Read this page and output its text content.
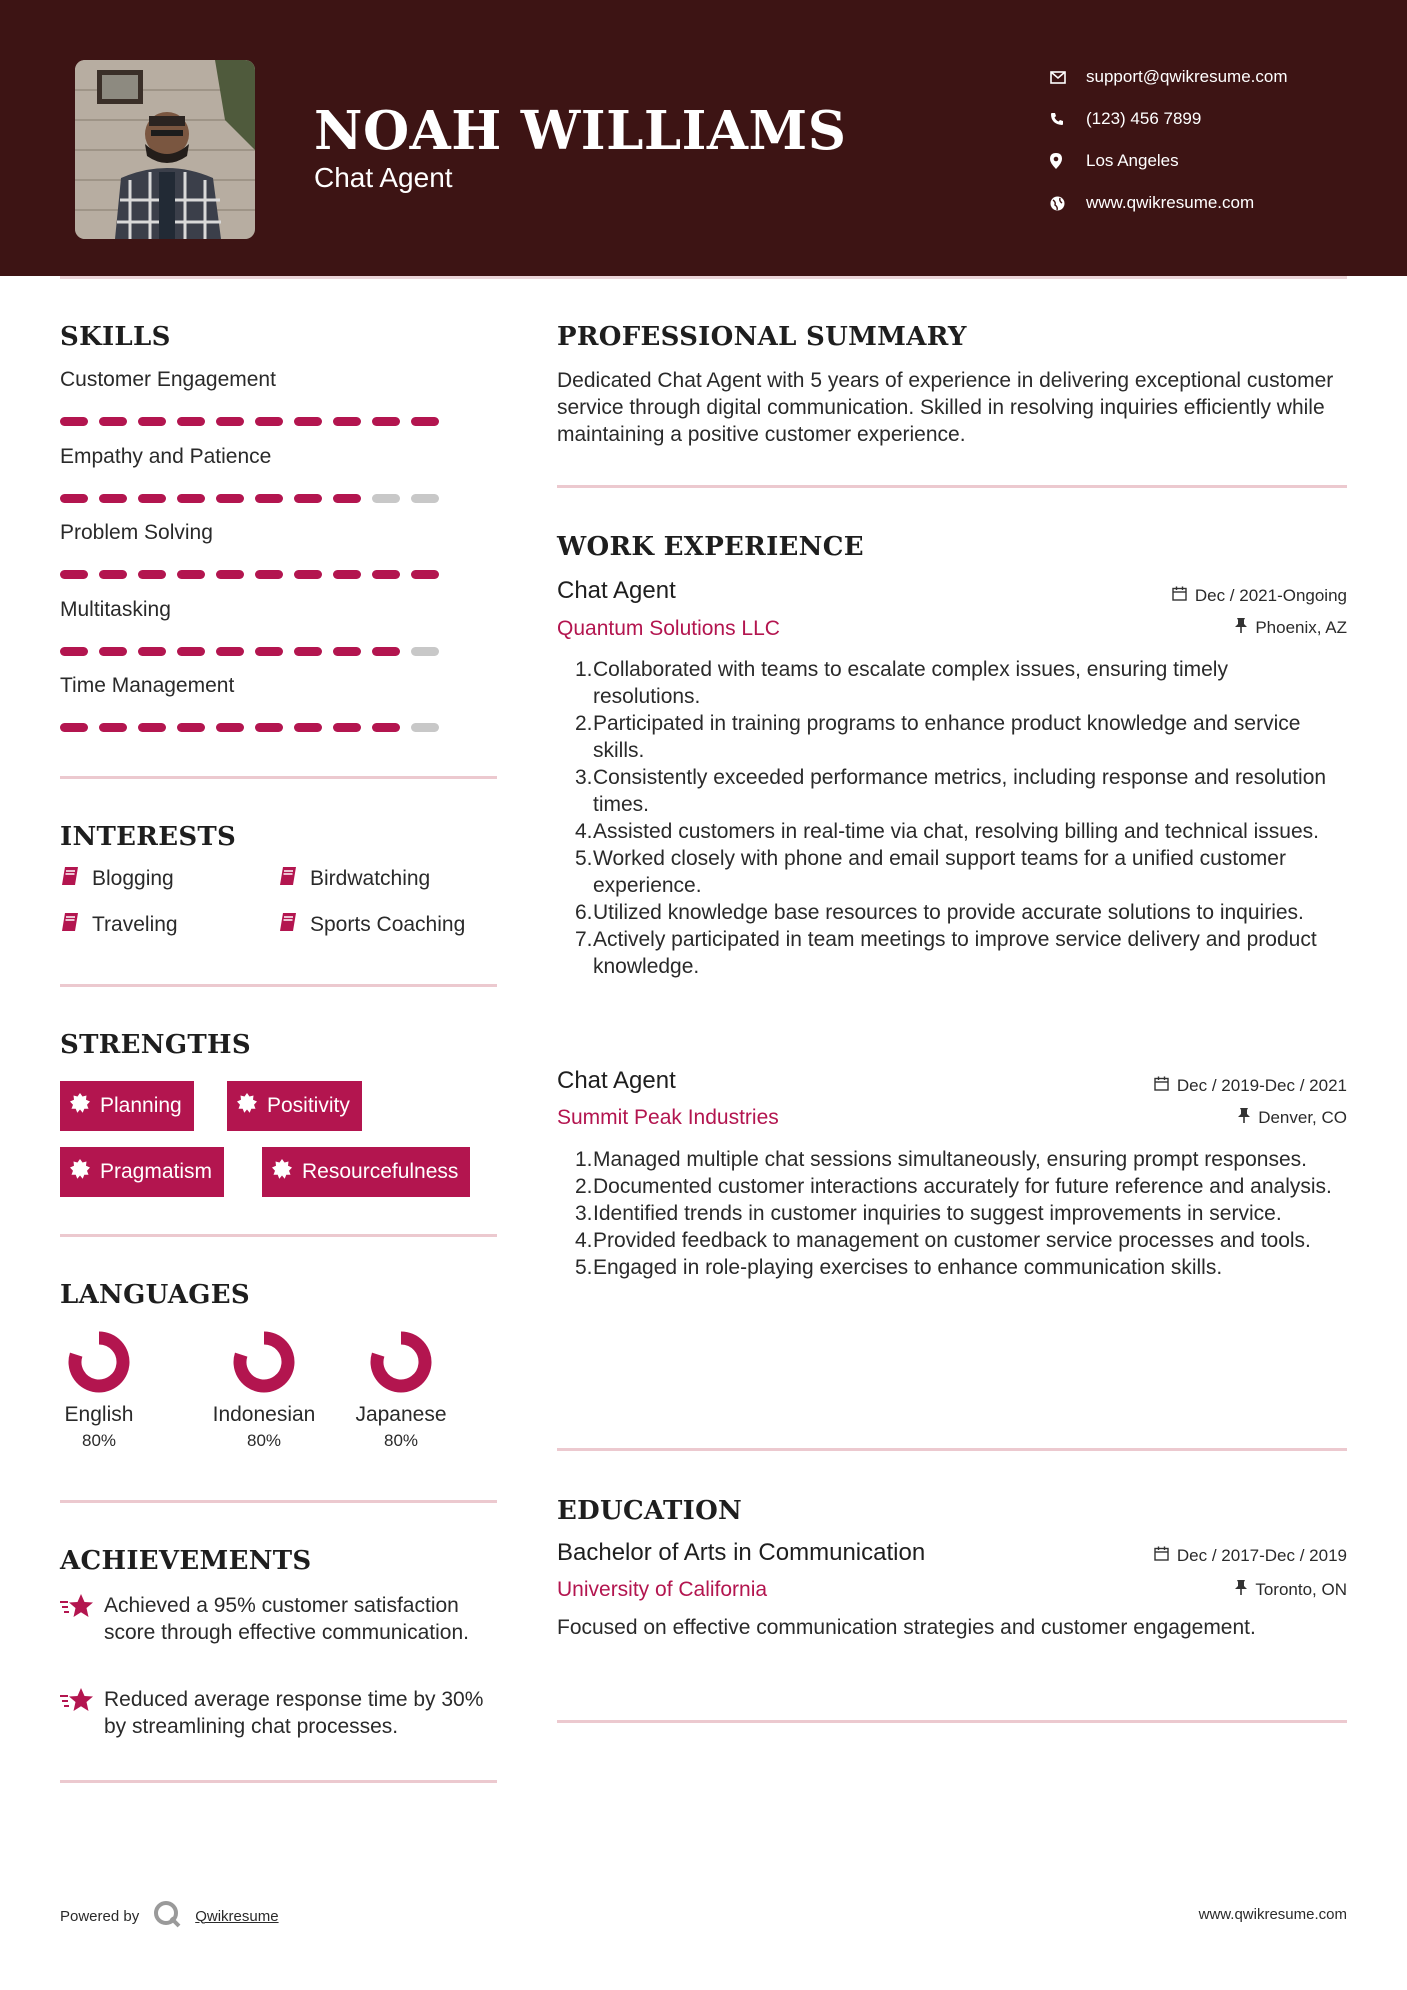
NOAH WILLIAMS
Chat Agent
support@qwikresume.com
(123) 456 7899
Los Angeles
www.qwikresume.com
SKILLS
Customer Engagement
Empathy and Patience
Problem Solving
Multitasking
Time Management
INTERESTS
Blogging	Birdwatching
Traveling	Sports Coaching
STRENGTHS
Planning	Positivity
Pragmatism	Resourcefulness
LANGUAGES
English
80%
Indonesian
80%
Japanese
80%
ACHIEVEMENTS
Achieved a 95% customer satisfaction score through effective communication.
Reduced average response time by 30% by streamlining chat processes.
PROFESSIONAL SUMMARY
Dedicated Chat Agent with 5 years of experience in delivering exceptional customer service through digital communication. Skilled in resolving inquiries efficiently while maintaining a positive customer experience.
WORK EXPERIENCE
Chat Agent	Dec / 2021-Ongoing
Quantum Solutions LLC	Phoenix, AZ
1. Collaborated with teams to escalate complex issues, ensuring timely resolutions.
2. Participated in training programs to enhance product knowledge and service skills.
3. Consistently exceeded performance metrics, including response and resolution times.
4. Assisted customers in real-time via chat, resolving billing and technical issues.
5. Worked closely with phone and email support teams for a unified customer experience.
6. Utilized knowledge base resources to provide accurate solutions to inquiries.
7. Actively participated in team meetings to improve service delivery and product knowledge.
Chat Agent	Dec / 2019-Dec / 2021
Summit Peak Industries	Denver, CO
1. Managed multiple chat sessions simultaneously, ensuring prompt responses.
2. Documented customer interactions accurately for future reference and analysis.
3. Identified trends in customer inquiries to suggest improvements in service.
4. Provided feedback to management on customer service processes and tools.
5. Engaged in role-playing exercises to enhance communication skills.
EDUCATION
Bachelor of Arts in Communication	Dec / 2017-Dec / 2019
University of California	Toronto, ON
Focused on effective communication strategies and customer engagement.
Powered by	Qwikresume	www.qwikresume.com
